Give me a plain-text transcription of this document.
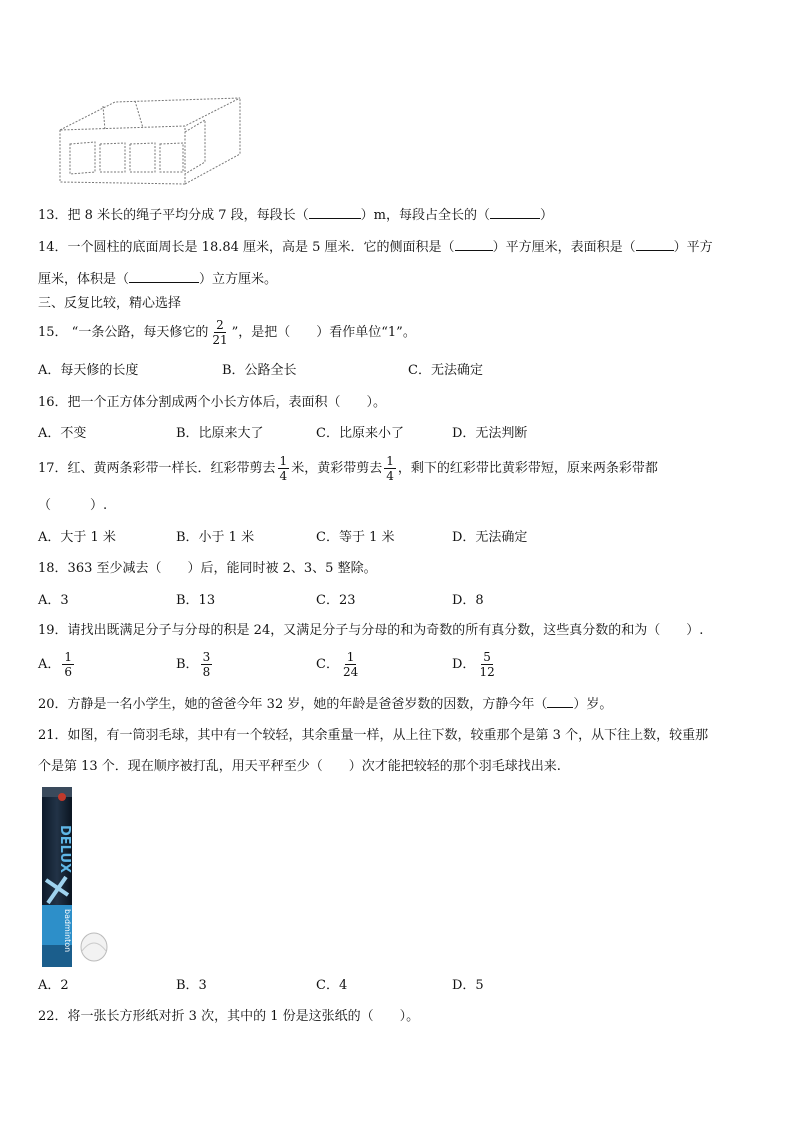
13．把 8 米长的绳子平均分成 7 段，每段长（	）m，每段占全长的（	）
14．一个圆柱的底面周长是 18.84 厘米，高是 5 厘米．它的侧面积是（	）平方厘米，表面积是（	）平方
厘米，体积是（	）立方厘米。
三、反复比较，精心选择
15． “一条公路，每天修它的 $\frac{2}{21}$ ”，是把（　　）看作单位“1”。
A．每天修的长度	B．公路全长	C．无法确定
16．把一个正方体分割成两个小长方体后，表面积（　　）。
A．不变	B．比原来大了	C．比原来小了	D．无法判断
17．红、黄两条彩带一样长．红彩带剪去 $\frac{1}{4}$ 米，黄彩带剪去 $\frac{1}{4}$ ，剩下的红彩带比黄彩带短，原来两条彩带都
（　　　）.
A．大于 1 米	B．小于 1 米	C．等于 1 米	D．无法确定
18．363 至少减去（　　）后，能同时被 2、3、5 整除。
A．3	B．13	C．23	D．8
19．请找出既满足分子与分母的积是 24，又满足分子与分母的和为奇数的所有真分数，这些真分数的和为（　　）.
A． $\frac{1}{6}$	B． $\frac{3}{8}$	C． $\frac{1}{24}$	D． $\frac{5}{12}$
20．方静是一名小学生，她的爸爸今年 32 岁，她的年龄是爸爸岁数的因数，方静今年（ ）岁。
21．如图，有一筒羽毛球，其中有一个较轻，其余重量一样，从上往下数，较重那个是第 3 个，从下往上数，较重那
个是第 13 个．现在顺序被打乱，用天平秤至少（　　）次才能把较轻的那个羽毛球找出来.
DELUX
badminton
A．2	B．3	C．4	D．5
22．将一张长方形纸对折 3 次，其中的 1 份是这张纸的（　　）。
